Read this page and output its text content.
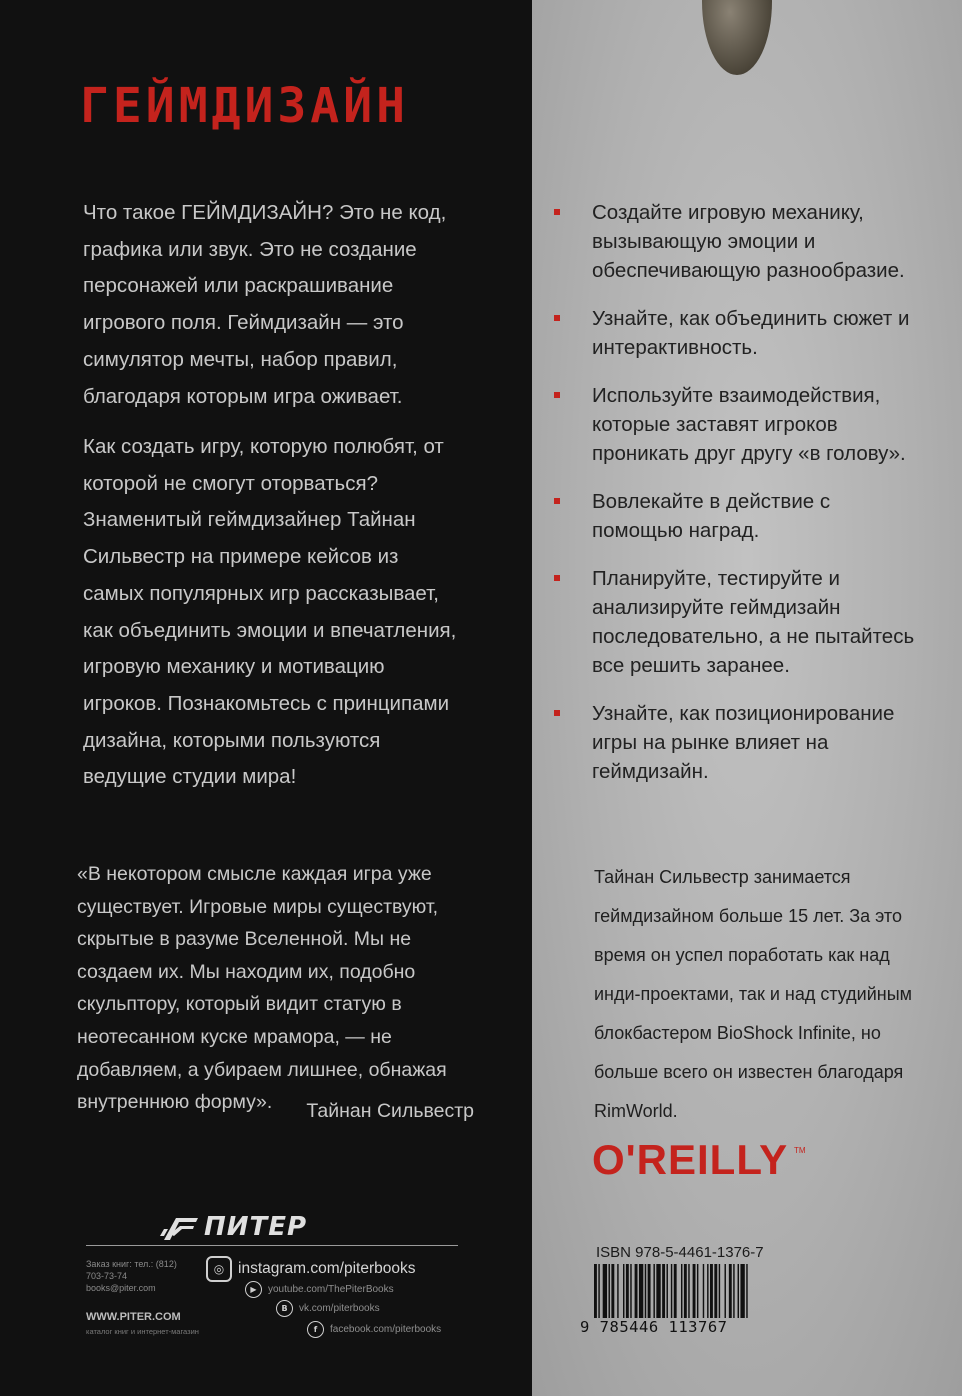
ГЕЙМДИЗАЙН

Что такое ГЕЙМДИЗАЙН? Это не код, графика или звук. Это не создание персонажей или раскрашивание игрового поля. Геймдизайн — это симулятор мечты, набор правил, благодаря которым игра оживает.

Как создать игру, которую полюбят, от которой не смогут оторваться? Знаменитый геймдизайнер Тайнан Сильвестр на примере кейсов из самых популярных игр рассказывает, как объединить эмоции и впечатления, игровую механику и мотивацию игроков. Познакомьтесь с принципами дизайна, которыми пользуются ведущие студии мира!

«В некотором смысле каждая игра уже существует. Игровые миры существуют, скрытые в разуме Вселенной. Мы не создаем их. Мы находим их, подобно скульптору, который видит статую в неотесанном куске мрамора, — не добавляем, а убираем лишнее, обнажая внутреннюю форму».	Тайнан Сильвестр

ПИТЕР
Заказ книг: тел.: (812) 703-73-74 books@piter.com
WWW.PITER.COM
каталог книг и интернет-магазин
◎ instagram.com/piterbooks
▶	youtube.com/ThePiterBooks
В	vk.com/piterbooks
f	facebook.com/piterbooks
Создайте игровую механику, вызывающую эмоции и обеспечивающую разнообразие.
Узнайте, как объединить сюжет и интерактивность.
Используйте взаимодействия, которые заставят игроков проникать друг другу «в голову».
Вовлекайте в действие с помощью наград.
Планируйте, тестируйте и анализируйте геймдизайн последовательно, а не пытайтесь все решить заранее.
Узнайте, как позиционирование игры на рынке влияет на геймдизайн.

Тайнан Сильвестр занимается геймдизайном больше 15 лет. За это время он успел поработать как над инди-проектами, так и над студийным блокбастером BioShock Infinite, но больше всего он известен благодаря RimWorld.

O'REILLY TM
ISBN 978-5-4461-1376-7
9 785446 113767
